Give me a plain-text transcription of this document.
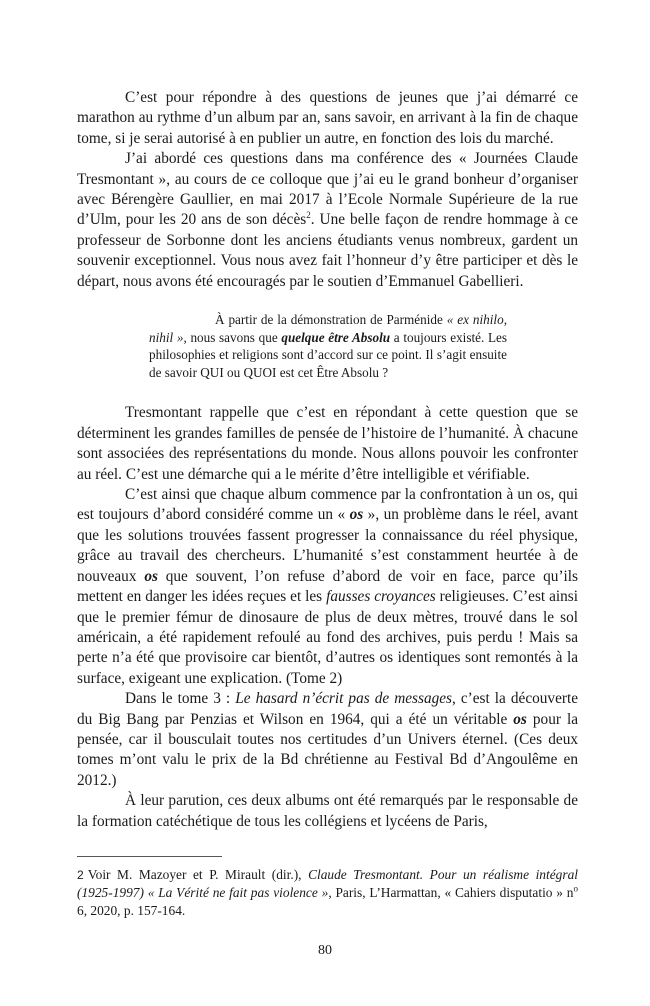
C’est pour répondre à des questions de jeunes que j’ai démarré ce marathon au rythme d’un album par an, sans savoir, en arrivant à la fin de chaque tome, si je serai autorisé à en publier un autre, en fonction des lois du marché.

J’ai abordé ces questions dans ma conférence des « Journées Claude Tresmontant », au cours de ce colloque que j’ai eu le grand bonheur d’organiser avec Bérengère Gaullier, en mai 2017 à l’Ecole Normale Supérieure de la rue d’Ulm, pour les 20 ans de son décès$^2$. Une belle façon de rendre hommage à ce professeur de Sorbonne dont les anciens étudiants venus nombreux, gardent un souvenir exceptionnel. Vous nous avez fait l’honneur d’y être participer et dès le départ, nous avons été encouragés par le soutien d’Emmanuel Gabellieri.

À partir de la démonstration de Parménide « ex nihilo, nihil », nous savons que quelque être Absolu a toujours existé. Les philosophies et religions sont d’accord sur ce point. Il s’agit ensuite de savoir QUI ou QUOI est cet Être Absolu ?

Tresmontant rappelle que c’est en répondant à cette question que se déterminent les grandes familles de pensée de l’histoire de l’humanité. À chacune sont associées des représentations du monde. Nous allons pouvoir les confronter au réel. C’est une démarche qui a le mérite d’être intelligible et vérifiable.

C’est ainsi que chaque album commence par la confrontation à un os, qui est toujours d’abord considéré comme un « os », un problème dans le réel, avant que les solutions trouvées fassent progresser la connaissance du réel physique, grâce au travail des chercheurs. L’humanité s’est constamment heurtée à de nouveaux os que souvent, l’on refuse d’abord de voir en face, parce qu’ils mettent en danger les idées reçues et les fausses croyances religieuses. C’est ainsi que le premier fémur de dinosaure de plus de deux mètres, trouvé dans le sol américain, a été rapidement refoulé au fond des archives, puis perdu ! Mais sa perte n’a été que provisoire car bientôt, d’autres os identiques sont remontés à la surface, exigeant une explication. (Tome 2)

Dans le tome 3 : Le hasard n’écrit pas de messages, c’est la découverte du Big Bang par Penzias et Wilson en 1964, qui a été un véritable os pour la pensée, car il bousculait toutes nos certitudes d’un Univers éternel. (Ces deux tomes m’ont valu le prix de la Bd chrétienne au Festival Bd d’Angoulême en 2012.)

À leur parution, ces deux albums ont été remarqués par le responsable de la formation catéchétique de tous les collégiens et lycéens de Paris,

2 Voir M. Mazoyer et P. Mirault (dir.), Claude Tresmontant. Pour un réalisme intégral (1925-1997) « La Vérité ne fait pas violence », Paris, L’Harmattan, « Cahiers disputatio » $n^o$ 6, 2020, p. 157-164.
80
